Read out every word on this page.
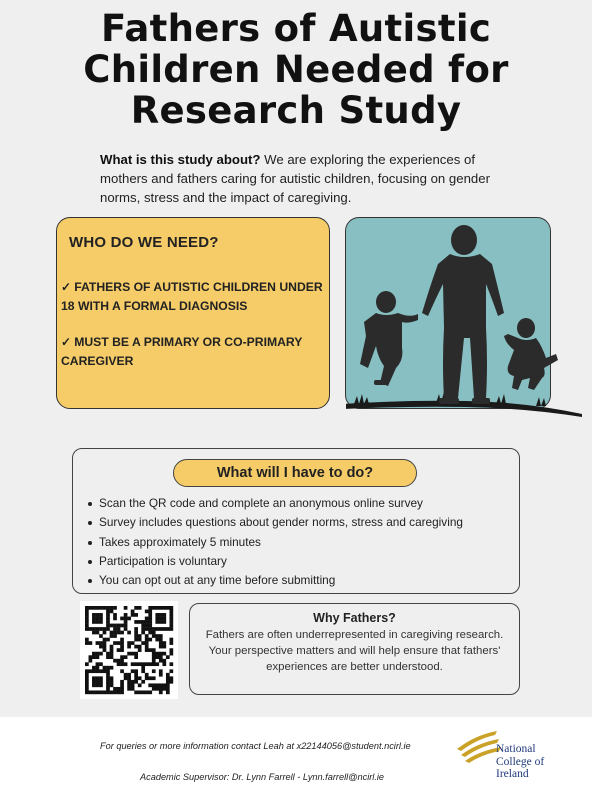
Fathers of Autistic
Children Needed for
Research Study

What is this study about? We are exploring the experiences of mothers and fathers caring for autistic children, focusing on gender norms, stress and the impact of caregiving.

WHO DO WE NEED?
✓ FATHERS OF AUTISTIC CHILDREN UNDER 18 WITH A FORMAL DIAGNOSIS
✓ MUST BE A PRIMARY OR CO-PRIMARY CAREGIVER
What will I have to do?
Scan the QR code and complete an anonymous online survey
Survey includes questions about gender norms, stress and caregiving
Takes approximately 5 minutes
Participation is voluntary
You can opt out at any time before submitting
Why Fathers?
Fathers are often underrepresented in caregiving research. Your perspective matters and will help ensure that fathers' experiences are better understood.
For queries or more information contact Leah at x22144056@student.ncirl.ie
Academic Supervisor: Dr. Lynn Farrell - Lynn.farrell@ncirl.ie
National
College of
Ireland
